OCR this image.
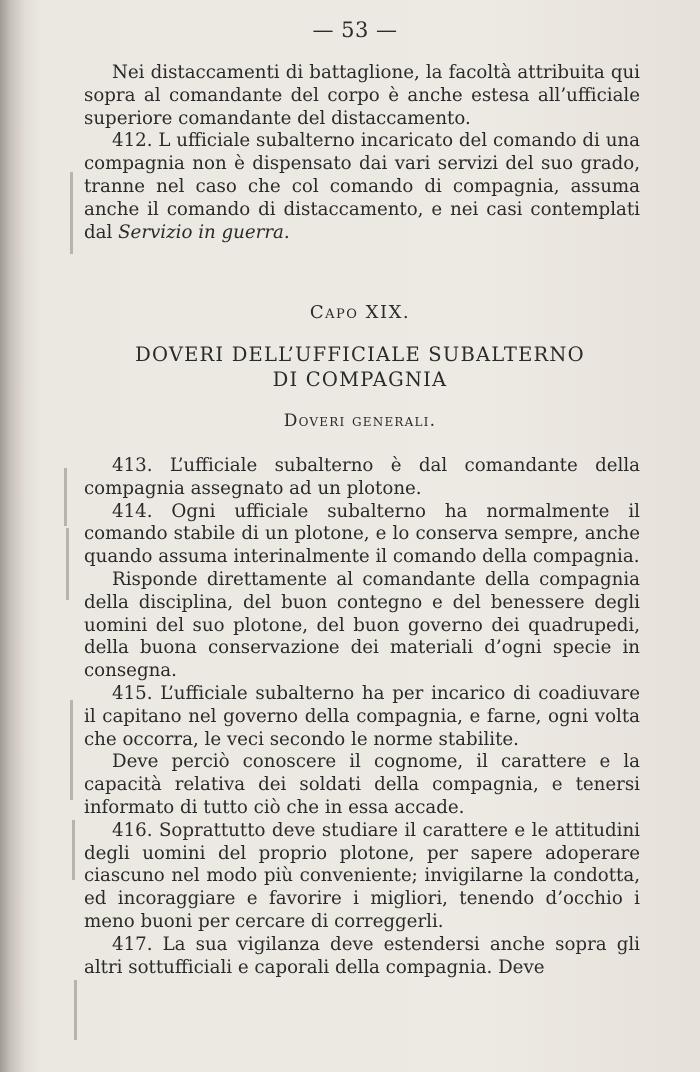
— 53 —

Nei distaccamenti di battaglione, la facoltà attribuita qui sopra al comandante del corpo è anche estesa all’ufficiale superiore comandante del distaccamento.

412. L ufficiale subalterno incaricato del comando di una compagnia non è dispensato dai vari servizi del suo grado, tranne nel caso che col comando di compagnia, assuma anche il comando di distaccamento, e nei casi contemplati dal Servizio in guerra.

Capo XIX.
DOVERI DELL’UFFICIALE SUBALTERNO
DI COMPAGNIA
Doveri generali.

413. L’ufficiale subalterno è dal comandante della compagnia assegnato ad un plotone.

414. Ogni ufficiale subalterno ha normalmente il comando stabile di un plotone, e lo conserva sempre, anche quando assuma interinalmente il comando della compagnia.

Risponde direttamente al comandante della compagnia della disciplina, del buon contegno e del benessere degli uomini del suo plotone, del buon governo dei quadrupedi, della buona conservazione dei materiali d’ogni specie in consegna.

415. L’ufficiale subalterno ha per incarico di coadiuvare il capitano nel governo della compagnia, e farne, ogni volta che occorra, le veci secondo le norme stabilite.

Deve perciò conoscere il cognome, il carattere e la capacità relativa dei soldati della compagnia, e tenersi informato di tutto ciò che in essa accade.

416. Soprattutto deve studiare il carattere e le attitudini degli uomini del proprio plotone, per sapere adoperare ciascuno nel modo più conveniente; invigilarne la condotta, ed incoraggiare e favorire i migliori, tenendo d’occhio i meno buoni per cercare di correggerli.

417. La sua vigilanza deve estendersi anche sopra gli altri sottufficiali e caporali della compagnia. Deve
